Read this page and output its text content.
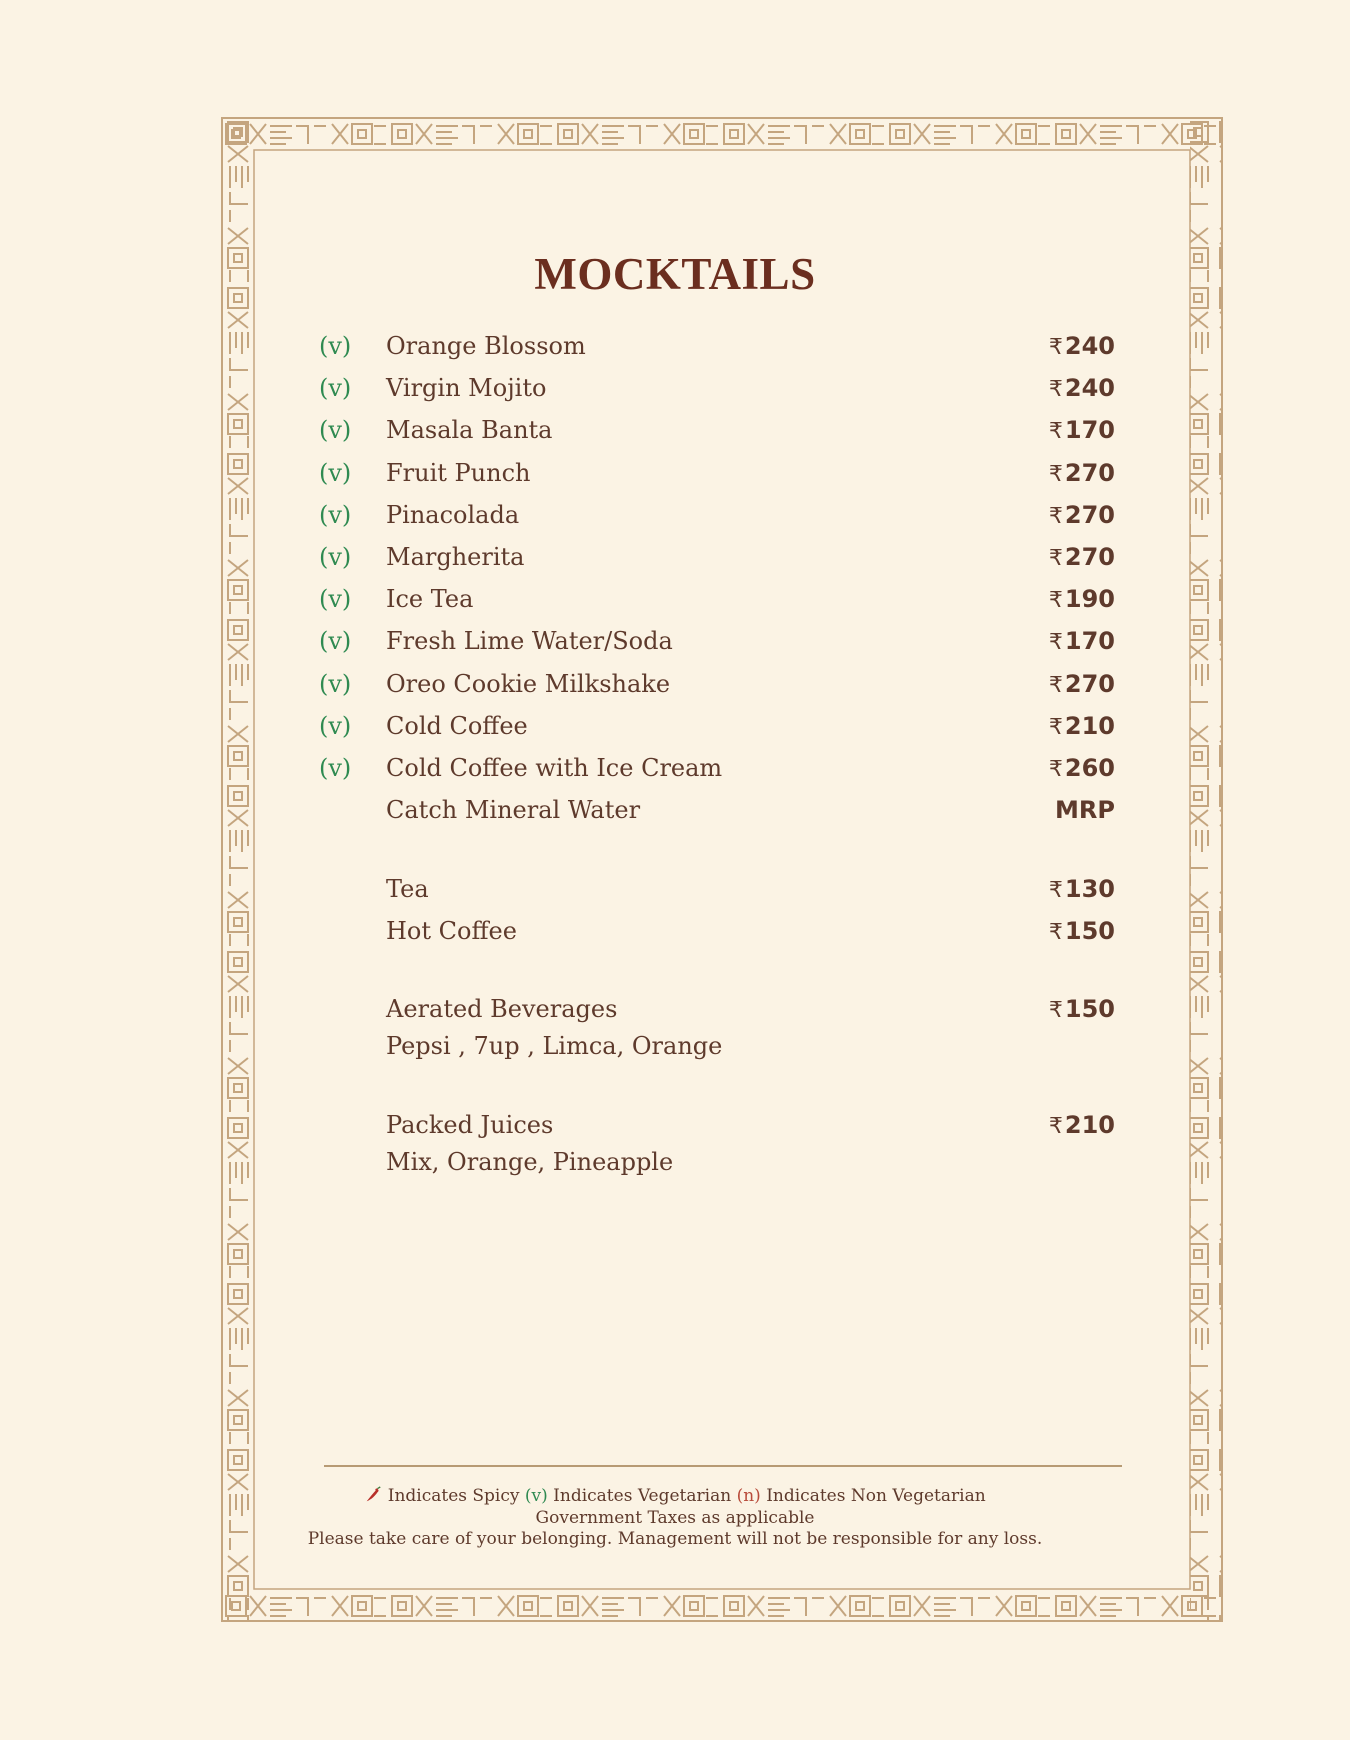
MOCKTAILS
(v) Orange Blossom	₹240
(v) Virgin Mojito	₹240
(v) Masala Banta	₹170
(v) Fruit Punch	₹270
(v) Pinacolada	₹270
(v) Margherita	₹270
(v) Ice Tea	₹190
(v) Fresh Lime Water/Soda	₹170
(v) Oreo Cookie Milkshake	₹270
(v) Cold Coffee	₹210
(v) Cold Coffee with Ice Cream	₹260
Catch Mineral Water	MRP
Tea	₹130
Hot Coffee	₹150
Aerated Beverages	₹150
Pepsi , 7up , Limca, Orange
Packed Juices	₹210
Mix, Orange, Pineapple
Indicates Spicy (v) Indicates Vegetarian (n) Indicates Non Vegetarian
Government Taxes as applicable
Please take care of your belonging. Management will not be responsible for any loss.
